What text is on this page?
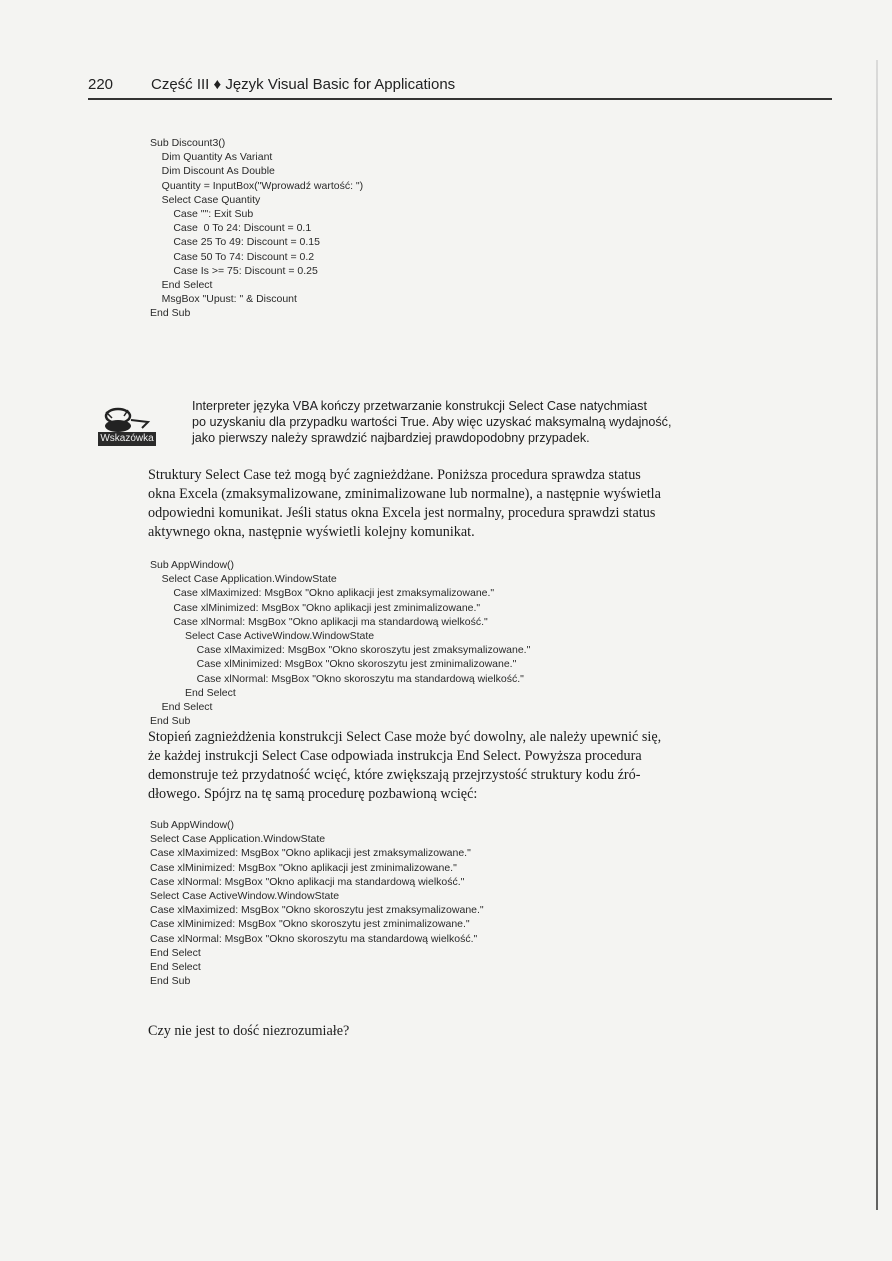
220	Część III ♦ Język Visual Basic for Applications
Sub Discount3()
Dim Quantity As Variant
Dim Discount As Double
Quantity = InputBox("Wprowadź wartość: ")
Select Case Quantity
Case "": Exit Sub
Case  0 To 24: Discount = 0.1
Case 25 To 49: Discount = 0.15
Case 50 To 74: Discount = 0.2
Case Is >= 75: Discount = 0.25
End Select
MsgBox "Upust: " & Discount
End Sub

Wskazówka

Interpreter języka VBA kończy przetwarzanie konstrukcji Select Case natychmiast

po uzyskaniu dla przypadku wartości True. Aby więc uzyskać maksymalną wydajność,

jako pierwszy należy sprawdzić najbardziej prawdopodobny przypadek.

Struktury Select Case też mogą być zagnieżdżane. Poniższa procedura sprawdza status

okna Excela (zmaksymalizowane, zminimalizowane lub normalne), a następnie wyświetla

odpowiedni komunikat. Jeśli status okna Excela jest normalny, procedura sprawdzi status

aktywnego okna, następnie wyświetli kolejny komunikat.

Sub AppWindow()
Select Case Application.WindowState
Case xlMaximized: MsgBox "Okno aplikacji jest zmaksymalizowane."
Case xlMinimized: MsgBox "Okno aplikacji jest zminimalizowane."
Case xlNormal: MsgBox "Okno aplikacji ma standardową wielkość."
Select Case ActiveWindow.WindowState
Case xlMaximized: MsgBox "Okno skoroszytu jest zmaksymalizowane."
Case xlMinimized: MsgBox "Okno skoroszytu jest zminimalizowane."
Case xlNormal: MsgBox "Okno skoroszytu ma standardową wielkość."
End Select
End Select
End Sub

Stopień zagnieżdżenia konstrukcji Select Case może być dowolny, ale należy upewnić się,

że każdej instrukcji Select Case odpowiada instrukcja End Select. Powyższa procedura

demonstruje też przydatność wcięć, które zwiększają przejrzystość struktury kodu źró-

dłowego. Spójrz na tę samą procedurę pozbawioną wcięć:

Sub AppWindow()
Select Case Application.WindowState
Case xlMaximized: MsgBox "Okno aplikacji jest zmaksymalizowane."
Case xlMinimized: MsgBox "Okno aplikacji jest zminimalizowane."
Case xlNormal: MsgBox "Okno aplikacji ma standardową wielkość."
Select Case ActiveWindow.WindowState
Case xlMaximized: MsgBox "Okno skoroszytu jest zmaksymalizowane."
Case xlMinimized: MsgBox "Okno skoroszytu jest zminimalizowane."
Case xlNormal: MsgBox "Okno skoroszytu ma standardową wielkość."
End Select
End Select
End Sub

Czy nie jest to dość niezrozumiałe?
